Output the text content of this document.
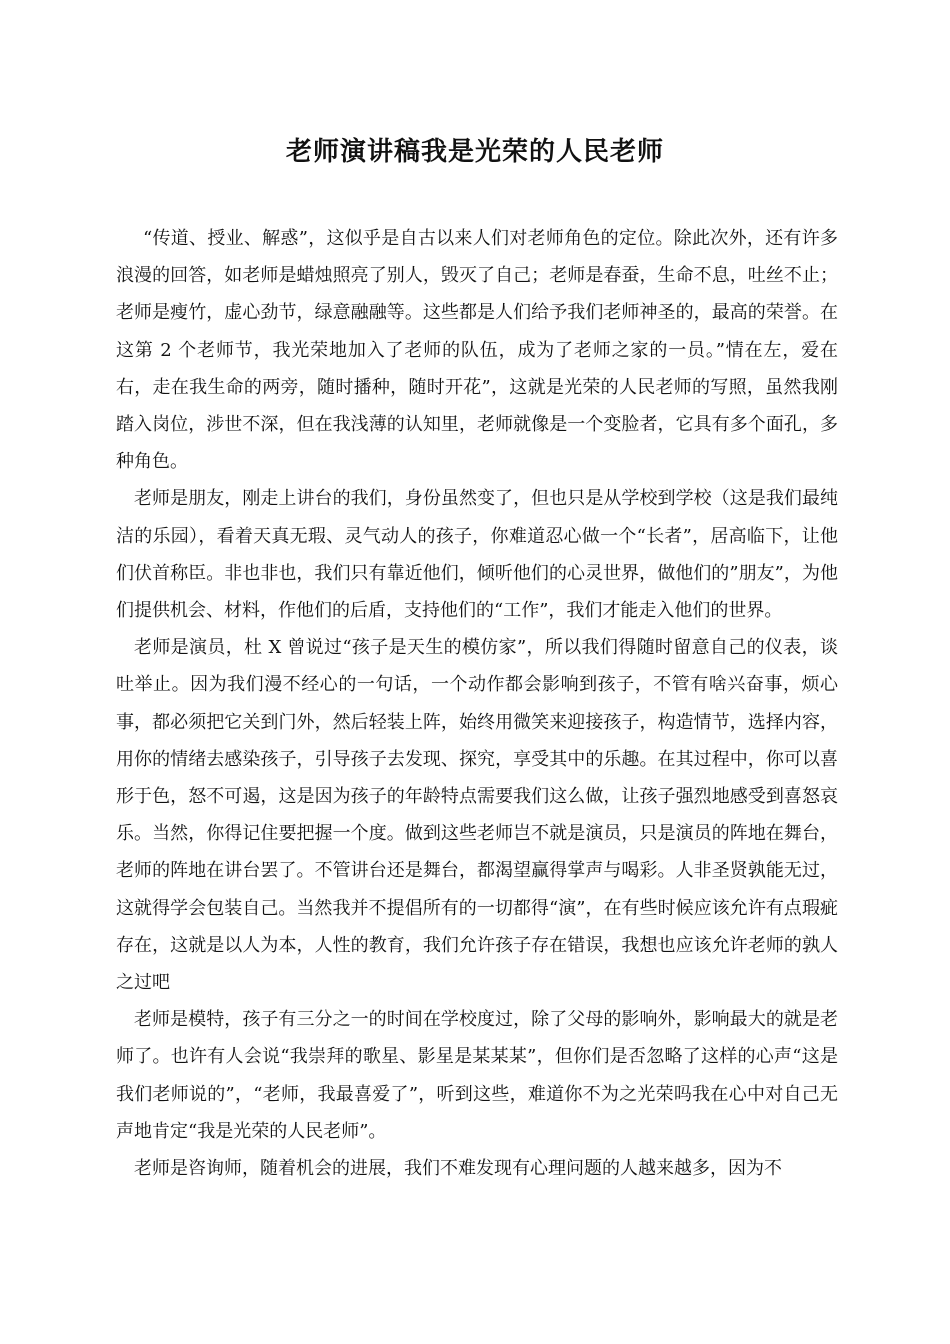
老师演讲稿我是光荣的人民老师

“传道、授业、解惑”，这似乎是自古以来人们对老师角色的定位。除此次外，还有许多浪漫的回答，如老师是蜡烛照亮了别人，毁灭了自己；老师是春蚕，生命不息，吐丝不止；老师是瘦竹，虚心劲节，绿意融融等。这些都是人们给予我们老师神圣的，最高的荣誉。在这第 2 个老师节，我光荣地加入了老师的队伍，成为了老师之家的一员。”情在左，爱在右，走在我生命的两旁，随时播种，随时开花”，这就是光荣的人民老师的写照，虽然我刚踏入岗位，涉世不深，但在我浅薄的认知里，老师就像是一个变脸者，它具有多个面孔，多种角色。

老师是朋友，刚走上讲台的我们，身份虽然变了，但也只是从学校到学校（这是我们最纯洁的乐园），看着天真无瑕、灵气动人的孩子，你难道忍心做一个“长者”，居高临下，让他们伏首称臣。非也非也，我们只有靠近他们，倾听他们的心灵世界，做他们的”朋友”，为他们提供机会、材料，作他们的后盾，支持他们的“工作”，我们才能走入他们的世界。

老师是演员，杜 X 曾说过“孩子是天生的模仿家”，所以我们得随时留意自己的仪表，谈吐举止。因为我们漫不经心的一句话，一个动作都会影响到孩子，不管有啥兴奋事，烦心事，都必须把它关到门外，然后轻装上阵，始终用微笑来迎接孩子，构造情节，选择内容，用你的情绪去感染孩子，引导孩子去发现、探究，享受其中的乐趣。在其过程中，你可以喜形于色，怒不可遏，这是因为孩子的年龄特点需要我们这么做，让孩子强烈地感受到喜怒哀乐。当然，你得记住要把握一个度。做到这些老师岂不就是演员，只是演员的阵地在舞台，老师的阵地在讲台罢了。不管讲台还是舞台，都渴望赢得掌声与喝彩。人非圣贤孰能无过，这就得学会包装自己。当然我并不提倡所有的一切都得“演”，在有些时候应该允许有点瑕疵存在，这就是以人为本，人性的教育，我们允许孩子存在错误，我想也应该允许老师的孰人之过吧

老师是模特，孩子有三分之一的时间在学校度过，除了父母的影响外，影响最大的就是老师了。也许有人会说“我崇拜的歌星、影星是某某某”，但你们是否忽略了这样的心声“这是我们老师说的”，“老师，我最喜爱了”，听到这些，难道你不为之光荣吗我在心中对自己无声地肯定“我是光荣的人民老师”。

老师是咨询师，随着机会的进展，我们不难发现有心理问题的人越来越多，因为不
